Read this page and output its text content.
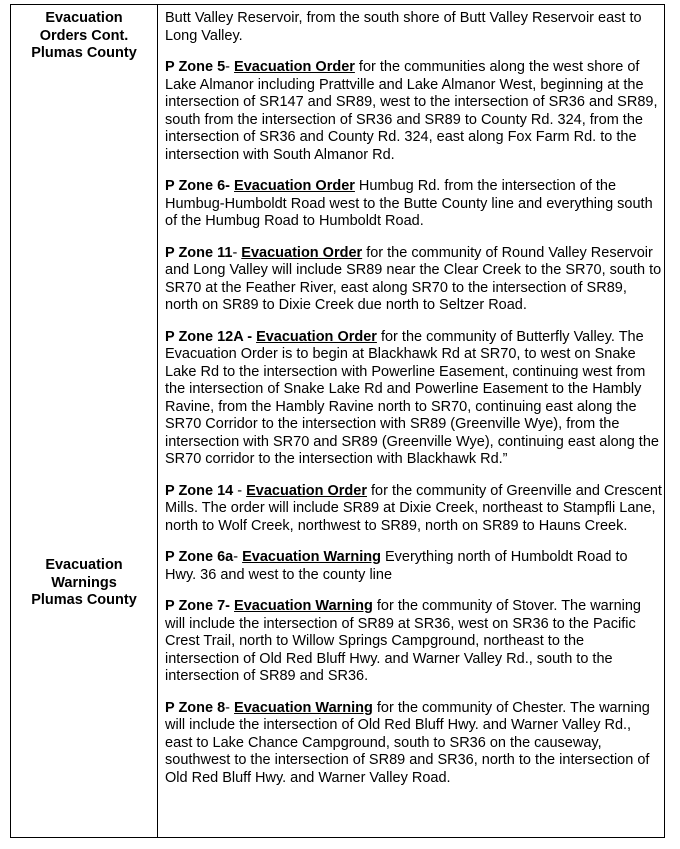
Evacuation
Orders Cont.
Plumas County
Evacuation
Warnings
Plumas County

Butt Valley Reservoir, from the south shore of Butt Valley Reservoir east to Long Valley.

P Zone 5- Evacuation Order for the communities along the west shore of Lake Almanor including Prattville and Lake Almanor West, beginning at the intersection of SR147 and SR89, west to the intersection of SR36 and SR89, south from the intersection of SR36 and SR89 to County Rd. 324, from the intersection of SR36 and County Rd. 324, east along Fox Farm Rd. to the intersection with South Almanor Rd.

P Zone 6- Evacuation Order Humbug Rd. from the intersection of the Humbug-Humboldt Road west to the Butte County line and everything south of the Humbug Road to Humboldt Road.

P Zone 11- Evacuation Order for the community of Round Valley Reservoir and Long Valley will include SR89 near the Clear Creek to the SR70, south to SR70 at the Feather River, east along SR70 to the intersection of SR89, north on SR89 to Dixie Creek due north to Seltzer Road.

P Zone 12A - Evacuation Order for the community of Butterfly Valley. The Evacuation Order is to begin at Blackhawk Rd at SR70, to west on Snake Lake Rd to the intersection with Powerline Easement, continuing west from the intersection of Snake Lake Rd and Powerline Easement to the Hambly Ravine, from the Hambly Ravine north to SR70, continuing east along the SR70 Corridor to the intersection with SR89 (Greenville Wye), from the intersection with SR70 and SR89 (Greenville Wye), continuing east along the SR70 corridor to the intersection with Blackhawk Rd.”

P Zone 14 - Evacuation Order for the community of Greenville and Crescent Mills. The order will include SR89 at Dixie Creek, northeast to Stampfli Lane, north to Wolf Creek, northwest to SR89, north on SR89 to Hauns Creek.

P Zone 6a- Evacuation Warning Everything north of Humboldt Road to Hwy. 36 and west to the county line

P Zone 7- Evacuation Warning for the community of Stover. The warning will include the intersection of SR89 at SR36, west on SR36 to the Pacific Crest Trail, north to Willow Springs Campground, northeast to the intersection of Old Red Bluff Hwy. and Warner Valley Rd., south to the intersection of SR89 and SR36.

P Zone 8- Evacuation Warning for the community of Chester. The warning will include the intersection of Old Red Bluff Hwy. and Warner Valley Rd., east to Lake Chance Campground, south to SR36 on the causeway, southwest to the intersection of SR89 and SR36, north to the intersection of Old Red Bluff Hwy. and Warner Valley Road.
